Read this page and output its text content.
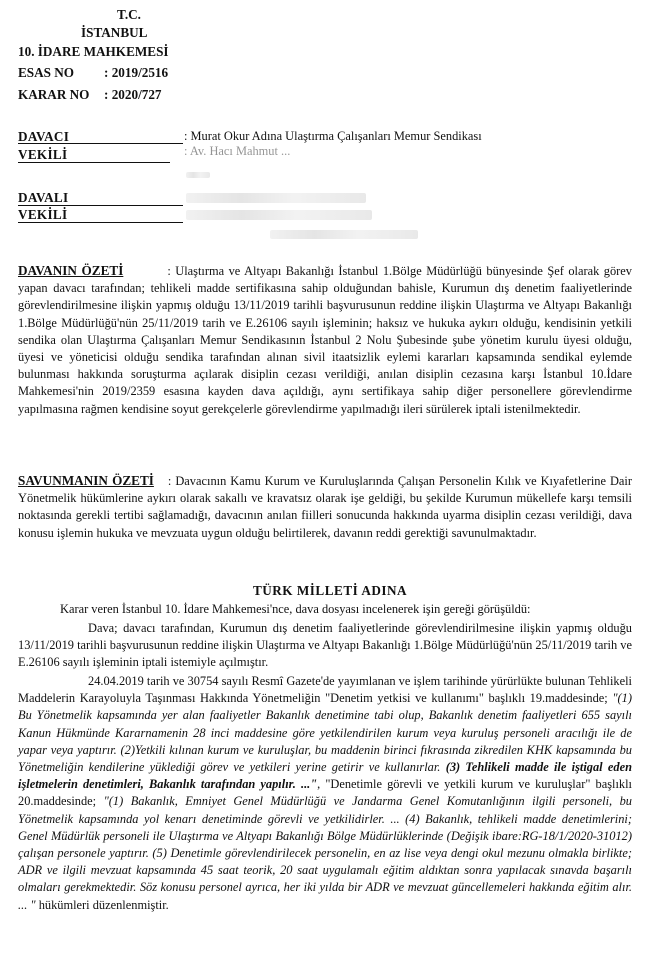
T.C.
İSTANBUL
10. İDARE MAHKEMESİ
ESAS NO : 2019/2516
KARAR NO : 2020/727
DAVACI	: Murat Okur Adına Ulaştırma Çalışanları Memur Sendikası
VEKİLİ	: Av. Hacı Mahmut ...
DAVALI
VEKİLİ

DAVANIN ÖZETİ	: Ulaştırma ve Altyapı Bakanlığı İstanbul 1.Bölge Müdürlüğü bünyesinde Şef olarak görev yapan davacı tarafından; tehlikeli madde sertifikasına sahip olduğundan bahisle, Kurumun dış denetim faaliyetlerinde görevlendirilmesine ilişkin yapmış olduğu 13/11/2019 tarihli başvurusunun reddine ilişkin Ulaştırma ve Altyapı Bakanlığı 1.Bölge Müdürlüğü'nün 25/11/2019 tarih ve E.26106 sayılı işleminin; haksız ve hukuka aykırı olduğu, kendisinin yetkili sendika olan Ulaştırma Çalışanları Memur Sendikasının İstanbul 2 Nolu Şubesinde şube yönetim kurulu üyesi olduğu, üyesi ve yöneticisi olduğu sendika tarafından alınan sivil itaatsizlik eylemi kararları kapsamında sendikal eylemde bulunması hakkında soruşturma açılarak disiplin cezası verildiği, anılan disiplin cezasına karşı İstanbul 10.İdare Mahkemesi'nin 2019/2359 esasına kayden dava açıldığı, aynı sertifikaya sahip diğer personellere görevlendirme yapılmasına rağmen kendisine soyut gerekçelerle görevlendirme yapılmadığı ileri sürülerek iptali istenilmektedir.

SAVUNMANIN ÖZETİ : Davacının Kamu Kurum ve Kuruluşlarında Çalışan Personelin Kılık ve Kıyafetlerine Dair Yönetmelik hükümlerine aykırı olarak sakallı ve kravatsız olarak işe geldiği, bu şekilde Kurumun mükellefe karşı temsili noktasında gerekli tertibi sağlamadığı, davacının anılan fiilleri sonucunda hakkında uyarma disiplin cezası verildiği, dava konusu işlemin hukuka ve mevzuata uygun olduğu belirtilerek, davanın reddi gerektiği savunulmaktadır.

TÜRK MİLLETİ ADINA
Karar veren İstanbul 10. İdare Mahkemesi'nce, dava dosyası incelenerek işin gereği görüşüldü:
Dava; davacı tarafından, Kurumun dış denetim faaliyetlerinde görevlendirilmesine ilişkin yapmış olduğu 13/11/2019 tarihli başvurusunun reddine ilişkin Ulaştırma ve Altyapı Bakanlığı 1.Bölge Müdürlüğü'nün 25/11/2019 tarih ve E.26106 sayılı işleminin iptali istemiyle açılmıştır.
24.04.2019 tarih ve 30754 sayılı Resmî Gazete'de yayımlanan ve işlem tarihinde yürürlükte bulunan Tehlikeli Maddelerin Karayoluyla Taşınması Hakkında Yönetmeliğin "Denetim yetkisi ve kullanımı" başlıklı 19.maddesinde; "(1) Bu Yönetmelik kapsamında yer alan faaliyetler Bakanlık denetimine tabi olup, Bakanlık denetim faaliyetleri 655 sayılı Kanun Hükmünde Kararnamenin 28 inci maddesine göre yetkilendirilen kurum veya kuruluş personeli aracılığı ile de yapar veya yaptırır. (2)Yetkili kılınan kurum ve kuruluşlar, bu maddenin birinci fıkrasında zikredilen KHK kapsamında bu Yönetmeliğin kendilerine yüklediği görev ve yetkileri yerine getirir ve kullanırlar. (3) Tehlikeli madde ile iştigal eden işletmelerin denetimleri, Bakanlık tarafından yapılır. ...", "Denetimle görevli ve yetkili kurum ve kuruluşlar" başlıklı 20.maddesinde; "(1) Bakanlık, Emniyet Genel Müdürlüğü ve Jandarma Genel Komutanlığının ilgili personeli, bu Yönetmelik kapsamında yol kenarı denetiminde görevli ve yetkilidirler. ... (4) Bakanlık, tehlikeli madde denetimlerini; Genel Müdürlük personeli ile Ulaştırma ve Altyapı Bakanlığı Bölge Müdürlüklerinde (Değişik ibare:RG-18/1/2020-31012) çalışan personele yaptırır. (5) Denetimle görevlendirilecek personelin, en az lise veya dengi okul mezunu olmakla birlikte; ADR ve ilgili mevzuat kapsamında 45 saat teorik, 20 saat uygulamalı eğitim aldıktan sonra yapılacak sınavda başarılı olmaları gerekmektedir. Söz konusu personel ayrıca, her iki yılda bir ADR ve mevzuat güncellemeleri hakkında eğitim alır. ... " hükümleri düzenlenmiştir.
